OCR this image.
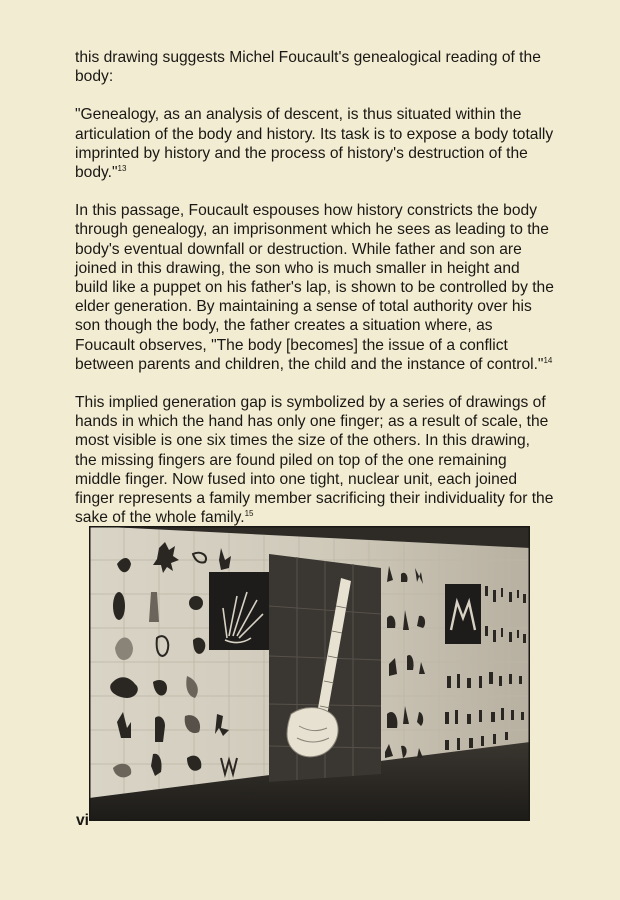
this drawing suggests Michel Foucault's genealogical reading of the body:

"Genealogy, as an analysis of descent, is thus situated within the articulation of the body and history. Its task is to expose a body totally imprinted by history and the process of history's destruction of the body."$^{13}$

In this passage, Foucault espouses how history constricts the body through genealogy, an imprisonment which he sees as leading to the body's eventual downfall or destruction. While father and son are joined in this drawing, the son who is much smaller in height and build like a puppet on his father's lap, is shown to be controlled by the elder generation. By maintaining a sense of total authority over his son though the body, the father creates a situation where, as Foucault observes, "The body [becomes] the issue of a conflict between parents and children, the child and the instance of control."$^{14}$

This implied generation gap is symbolized by a series of drawings of hands in which the hand has only one finger; as a result of scale, the most visible is one six times the size of the others. In this drawing, the missing fingers are found piled on top of the one remaining middle finger. Now fused into one tight, nuclear unit, each joined finger represents a family member sacrificing their individuality for the sake of the whole family.$^{15}$

vi
